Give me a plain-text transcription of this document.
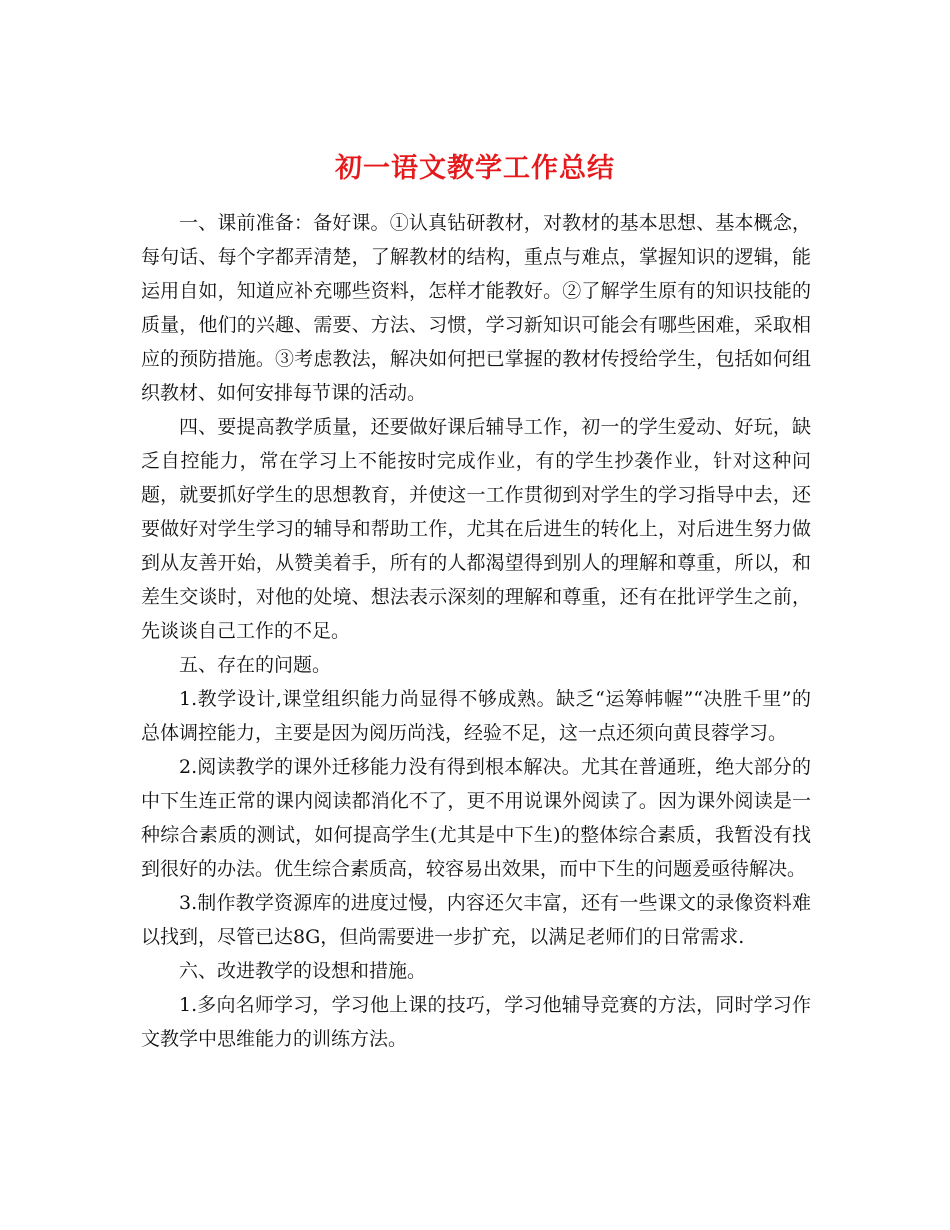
初一语文教学工作总结

一、课前准备：备好课。①认真钻研教材，对教材的基本思想、基本概念，每句话、每个字都弄清楚，了解教材的结构，重点与难点，掌握知识的逻辑，能运用自如，知道应补充哪些资料，怎样才能教好。②了解学生原有的知识技能的质量，他们的兴趣、需要、方法、习惯，学习新知识可能会有哪些困难，采取相应的预防措施。③考虑教法，解决如何把已掌握的教材传授给学生，包括如何组织教材、如何安排每节课的活动。

四、要提高教学质量，还要做好课后辅导工作，初一的学生爱动、好玩，缺乏自控能力，常在学习上不能按时完成作业，有的学生抄袭作业，针对这种问题，就要抓好学生的思想教育，并使这一工作贯彻到对学生的学习指导中去，还要做好对学生学习的辅导和帮助工作，尤其在后进生的转化上，对后进生努力做到从友善开始，从赞美着手，所有的人都渴望得到别人的理解和尊重，所以，和差生交谈时，对他的处境、想法表示深刻的理解和尊重，还有在批评学生之前，先谈谈自己工作的不足。

五、存在的问题。

1.教学设计,课堂组织能力尚显得不够成熟。缺乏“运筹帏幄”“决胜千里”的总体调控能力，主要是因为阅历尚浅，经验不足，这一点还须向黄艮蓉学习。

2.阅读教学的课外迁移能力没有得到根本解决。尤其在普通班，绝大部分的中下生连正常的课内阅读都消化不了，更不用说课外阅读了。因为课外阅读是一种综合素质的测试，如何提高学生(尤其是中下生)的整体综合素质，我暂没有找到很好的办法。优生综合素质高，较容易出效果，而中下生的问题爰亟待解决。

3.制作教学资源库的进度过慢，内容还欠丰富，还有一些课文的录像资料难以找到，尽管已达8G，但尚需要进一步扩充，以满足老师们的日常需求.

六、改进教学的设想和措施。

1.多向名师学习，学习他上课的技巧，学习他辅导竞赛的方法，同时学习作文教学中思维能力的训练方法。
